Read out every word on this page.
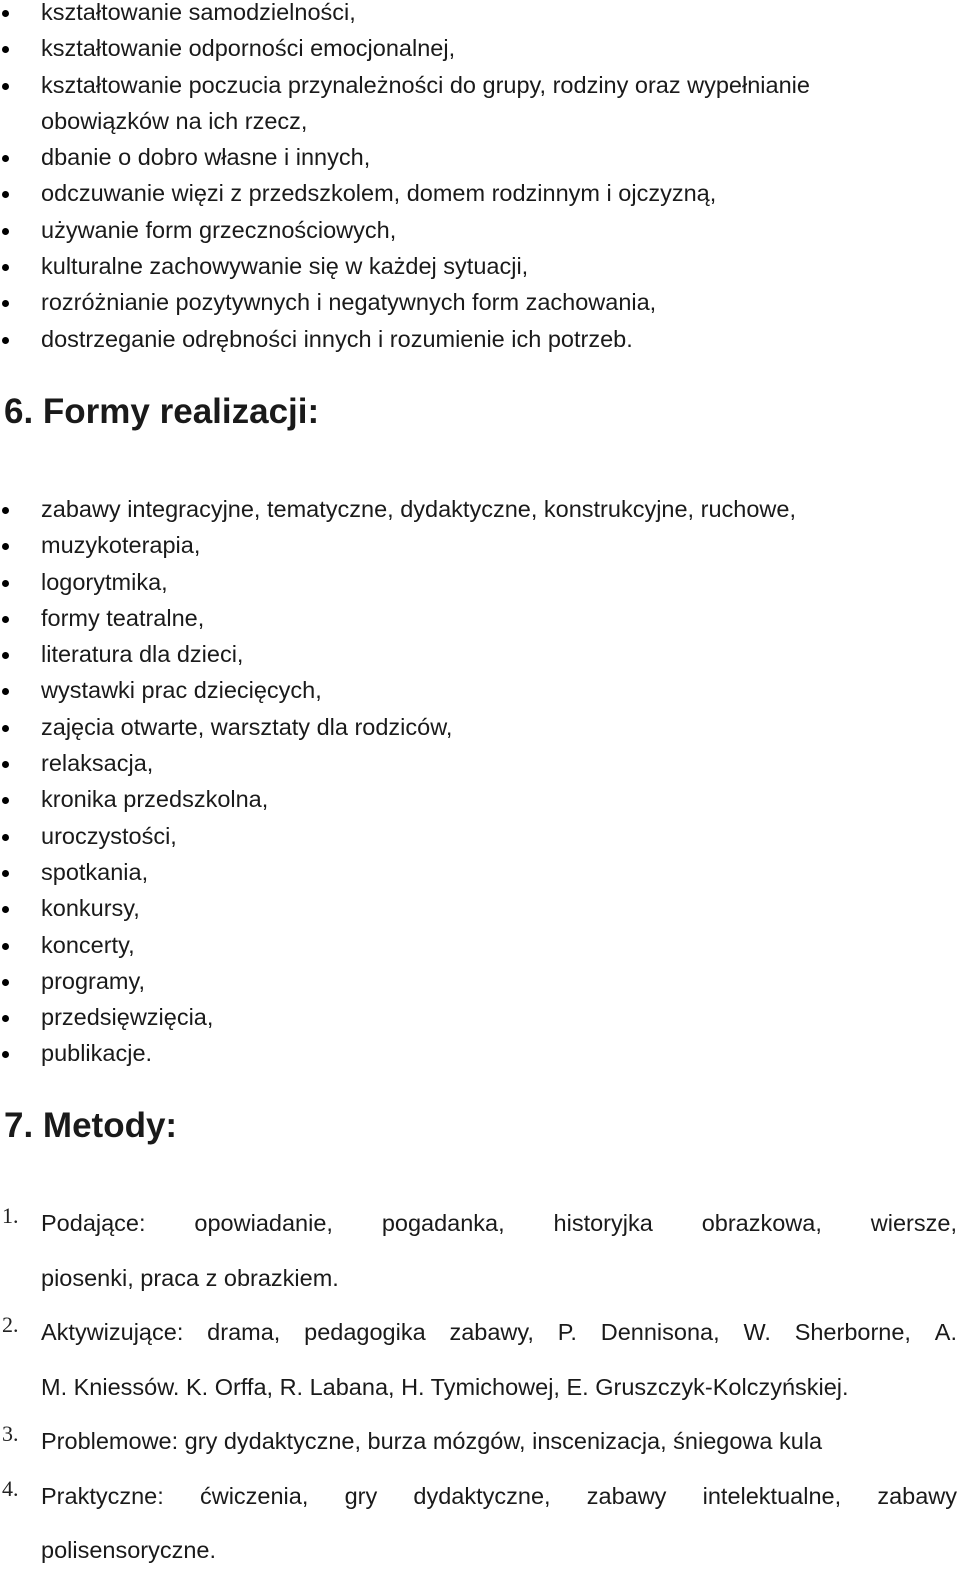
kształtowanie samodzielności,
kształtowanie odporności emocjonalnej,
kształtowanie poczucia przynależności do grupy, rodziny oraz wypełnianie
obowiązków na ich rzecz,
dbanie o dobro własne i innych,
odczuwanie więzi z przedszkolem, domem rodzinnym i ojczyzną,
używanie form grzecznościowych,
kulturalne zachowywanie się w każdej sytuacji,
rozróżnianie pozytywnych i negatywnych form zachowania,
dostrzeganie odrębności innych i rozumienie ich potrzeb.
6. Formy realizacji:
zabawy integracyjne, tematyczne, dydaktyczne, konstrukcyjne, ruchowe,
muzykoterapia,
logorytmika,
formy teatralne,
literatura dla dzieci,
wystawki prac dziecięcych,
zajęcia otwarte, warsztaty dla rodziców,
relaksacja,
kronika przedszkolna,
uroczystości,
spotkania,
konkursy,
koncerty,
programy,
przedsięwzięcia,
publikacje.
7. Metody:
1. Podające: opowiadanie, pogadanka, historyjka obrazkowa, wiersze,
piosenki, praca z obrazkiem.
2. Aktywizujące: drama, pedagogika zabawy, P. Dennisona, W. Sherborne, A.
M. Kniessów. K. Orffa, R. Labana, H. Tymichowej, E. Gruszczyk-Kolczyńskiej.
3. Problemowe: gry dydaktyczne, burza mózgów, inscenizacja, śniegowa kula
4. Praktyczne: ćwiczenia, gry dydaktyczne, zabawy intelektualne, zabawy
polisensoryczne.
